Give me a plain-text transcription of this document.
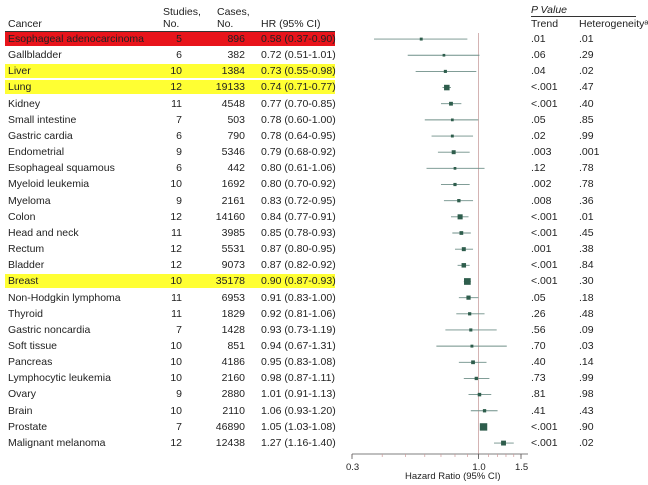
Cancer
Studies, No.
Cases, No.	HR (95% CI)
P Value
Trend Heterogeneityᵃ
Esophageal adenocarcinoma	5	896 0.58 (0.37-0.90)	.01	.01
Gallbladder	6	382 0.72 (0.51-1.01)	.06	.29
Liver	10	1384 0.73 (0.55-0.98)	.04	.02
Lung	12	19133 0.74 (0.71-0.77)	<.001 .47
Kidney	11	4548 0.77 (0.70-0.85)	<.001 .40
Small intestine	7	503 0.78 (0.60-1.00)	.05	.85
Gastric cardia	6	790 0.78 (0.64-0.95)	.02	.99
Endometrial	9	5346 0.79 (0.68-0.92)	.003	.001
Esophageal squamous	6	442 0.80 (0.61-1.06)	.12	.78
Myeloid leukemia	10	1692 0.80 (0.70-0.92)	.002	.78
Myeloma	9	2161 0.83 (0.72-0.95)	.008	.36
Colon	12	14160 0.84 (0.77-0.91)	<.001 .01
Head and neck	11	3985 0.85 (0.78-0.93)	<.001 .45
Rectum	12	5531 0.87 (0.80-0.95)	.001	.38
Bladder	12	9073 0.87 (0.82-0.92)	<.001 .84
Breast	10	35178 0.90 (0.87-0.93)	<.001 .30
Non-Hodgkin lymphoma	11	6953 0.91 (0.83-1.00)	.05	.18
Thyroid	11	1829 0.92 (0.81-1.06)	.26	.48
Gastric noncardia	7	1428 0.93 (0.73-1.19)	.56	.09
Soft tissue	10	851 0.94 (0.67-1.31)	.70	.03
Pancreas	10	4186 0.95 (0.83-1.08)	.40	.14
Lymphocytic leukemia	10	2160 0.98 (0.87-1.11)	.73	.99
Ovary	9	2880 1.01 (0.91-1.13)	.81	.98
Brain	10	2110 1.06 (0.93-1.20)	.41	.43
Prostate	7	46890 1.05 (1.03-1.08)	<.001 .90
Malignant melanoma	12	12438 1.27 (1.16-1.40)	<.001 .02
Hazard Ratio (95% CI)
0.3	1.0	1.5
